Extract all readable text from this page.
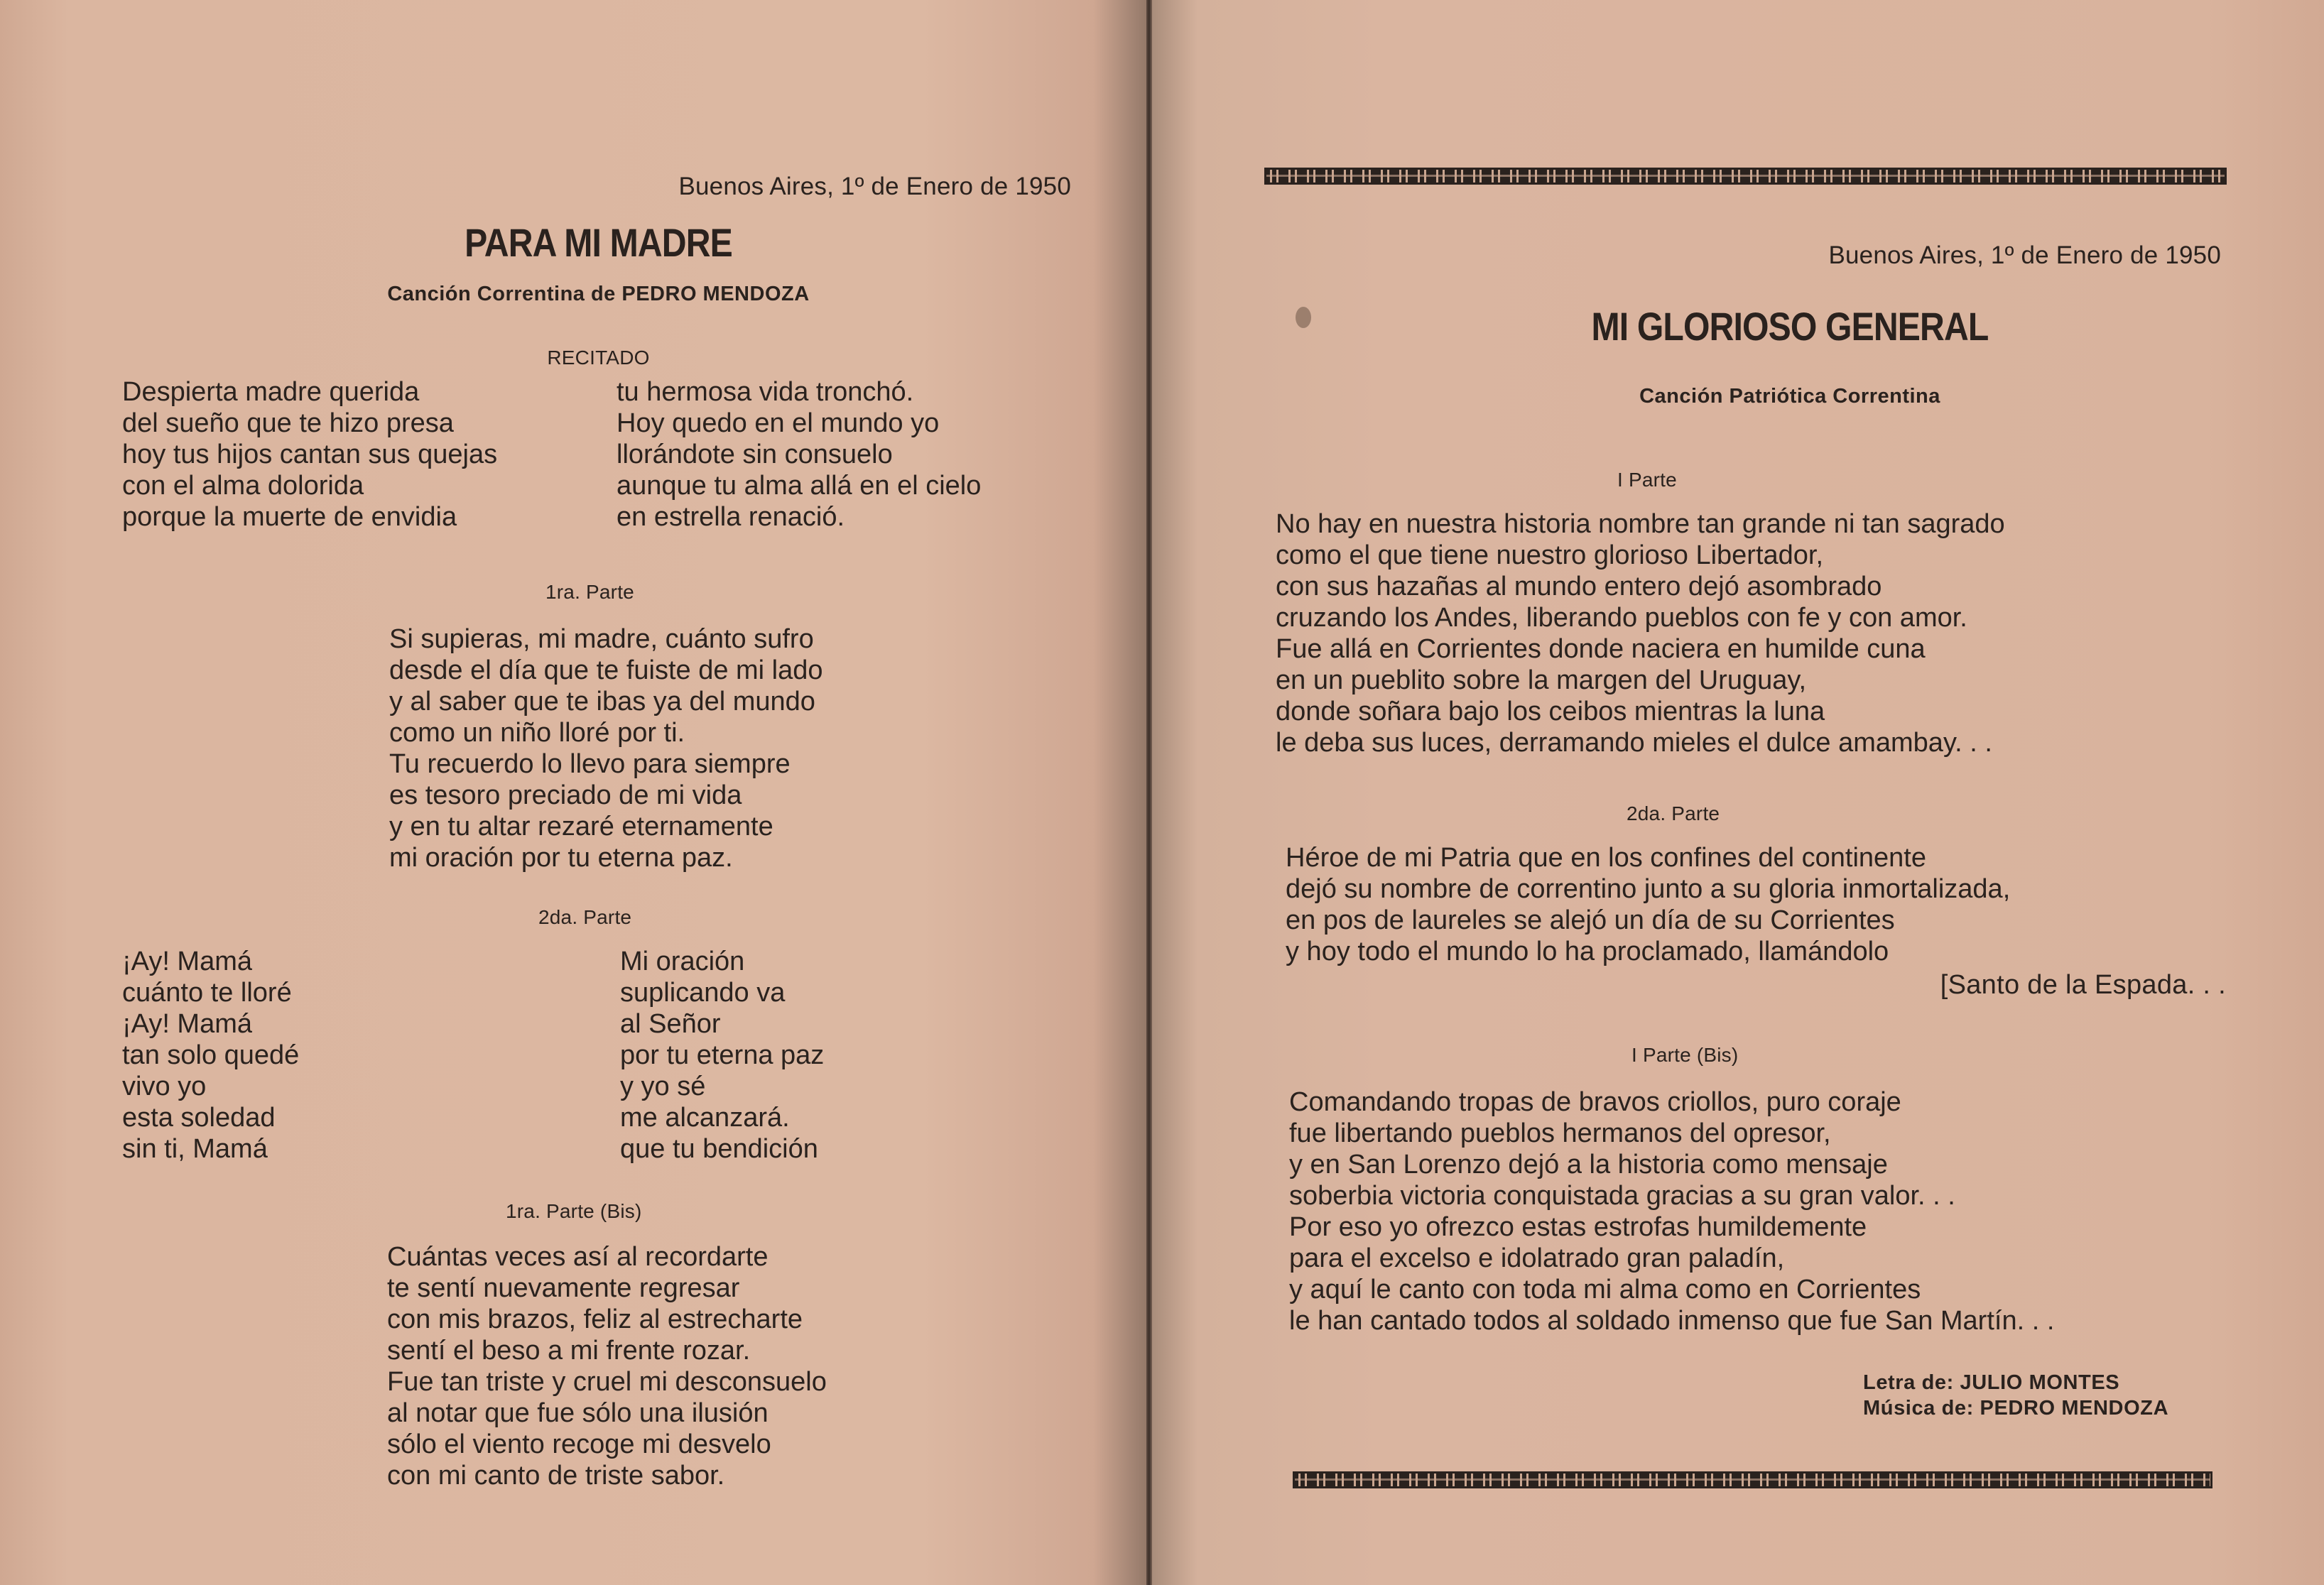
Buenos Aires, 1º de Enero de 1950
PARA MI MADRE
Canción Correntina de PEDRO MENDOZA
RECITADO
Despierta madre querida
del sueño que te hizo presa
hoy tus hijos cantan sus quejas
con el alma dolorida
porque la muerte de envidia
tu hermosa vida tronchó.
Hoy quedo en el mundo yo
llorándote sin consuelo
aunque tu alma allá en el cielo
en estrella renació.
1ra. Parte
Si supieras, mi madre, cuánto sufro
desde el día que te fuiste de mi lado
y al saber que te ibas ya del mundo
como un niño lloré por ti.
Tu recuerdo lo llevo para siempre
es tesoro preciado de mi vida
y en tu altar rezaré eternamente
mi oración por tu eterna paz.
2da. Parte
¡Ay! Mamá
cuánto te lloré
¡Ay! Mamá
tan solo quedé
vivo yo
esta soledad
sin ti, Mamá
Mi oración
suplicando va
al Señor
por tu eterna paz
y yo sé
me alcanzará.
que tu bendición
1ra. Parte (Bis)
Cuántas veces así al recordarte
te sentí nuevamente regresar
con mis brazos, feliz al estrecharte
sentí el beso a mi frente rozar.
Fue tan triste y cruel mi desconsuelo
al notar que fue sólo una ilusión
sólo el viento recoge mi desvelo
con mi canto de triste sabor.
Buenos Aires, 1º de Enero de 1950
MI GLORIOSO GENERAL
Canción Patriótica Correntina
I Parte
No hay en nuestra historia nombre tan grande ni tan sagrado
como el que tiene nuestro glorioso Libertador,
con sus hazañas al mundo entero dejó asombrado
cruzando los Andes, liberando pueblos con fe y con amor.
Fue allá en Corrientes donde naciera en humilde cuna
en un pueblito sobre la margen del Uruguay,
donde soñara bajo los ceibos mientras la luna
le deba sus luces, derramando mieles el dulce amambay. . .
2da. Parte
Héroe de mi Patria que en los confines del continente
dejó su nombre de correntino junto a su gloria inmortalizada,
en pos de laureles se alejó un día de su Corrientes
y hoy todo el mundo lo ha proclamado, llamándolo
[Santo de la Espada. . .
I Parte (Bis)
Comandando tropas de bravos criollos, puro coraje
fue libertando pueblos hermanos del opresor,
y en San Lorenzo dejó a la historia como mensaje
soberbia victoria conquistada gracias a su gran valor. . .
Por eso yo ofrezco estas estrofas humildemente
para el excelso e idolatrado gran paladín,
y aquí le canto con toda mi alma como en Corrientes
le han cantado todos al soldado inmenso que fue San Martín. . .
Letra de: JULIO MONTES
Música de: PEDRO MENDOZA
